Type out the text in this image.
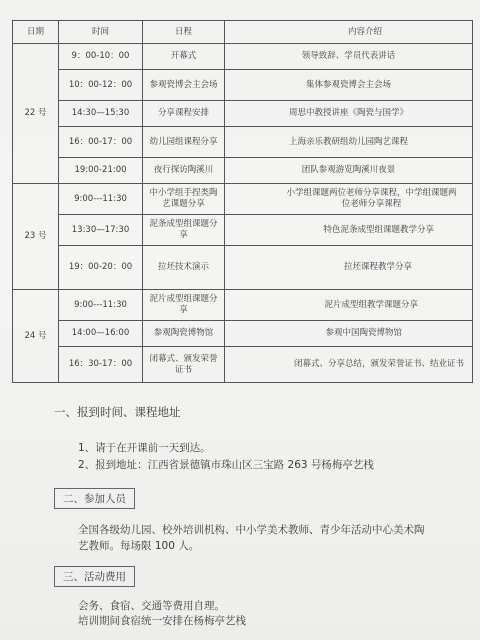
日期	时间	日程	内容介绍
22 号	9：00-10：00	开幕式	领导致辞、学员代表讲话
	10：00-12：00	参观瓷博会主会场	集体参观瓷博会主会场
	14:30—15:30	分享课程安排	周思中教授讲座《陶瓷与国学》
	16：00-17：00	幼儿园组课程分享	上海亲乐教研组幼儿园陶艺课程
	19:00-21:00	夜行探访陶溪川	团队参观游览陶溪川夜景
23 号	9:00---11:30	中小学组手捏类陶艺课题分享	小学组课题两位老师分享课程，中学组课题两位老师分享课程
	13:30—17:30	泥条成型组课题分享	特色泥条成型组课题教学分享
	19：00-20：00	拉坯技术演示	拉坯课程教学分享
24 号	9:00---11:30	泥片成型组课题分享	泥片成型组教学课题分享
	14:00—16:00	参观陶瓷博物馆	参观中国陶瓷博物馆
	16：30-17：00	闭幕式、颁发荣誉证书	闭幕式、分享总结，颁发荣誉证书、结业证书
一、报到时间、课程地址
1、请于在开课前一天到达。
2、报到地址：江西省景德镇市珠山区三宝路 263 号杨梅亭艺栈
二、参加人员
全国各级幼儿园、校外培训机构、中小学美术教师、青少年活动中心美术陶
艺教师。每场限 100 人。
三、活动费用
会务、食宿、交通等费用自理。
培训期间食宿统一安排在杨梅亭艺栈
